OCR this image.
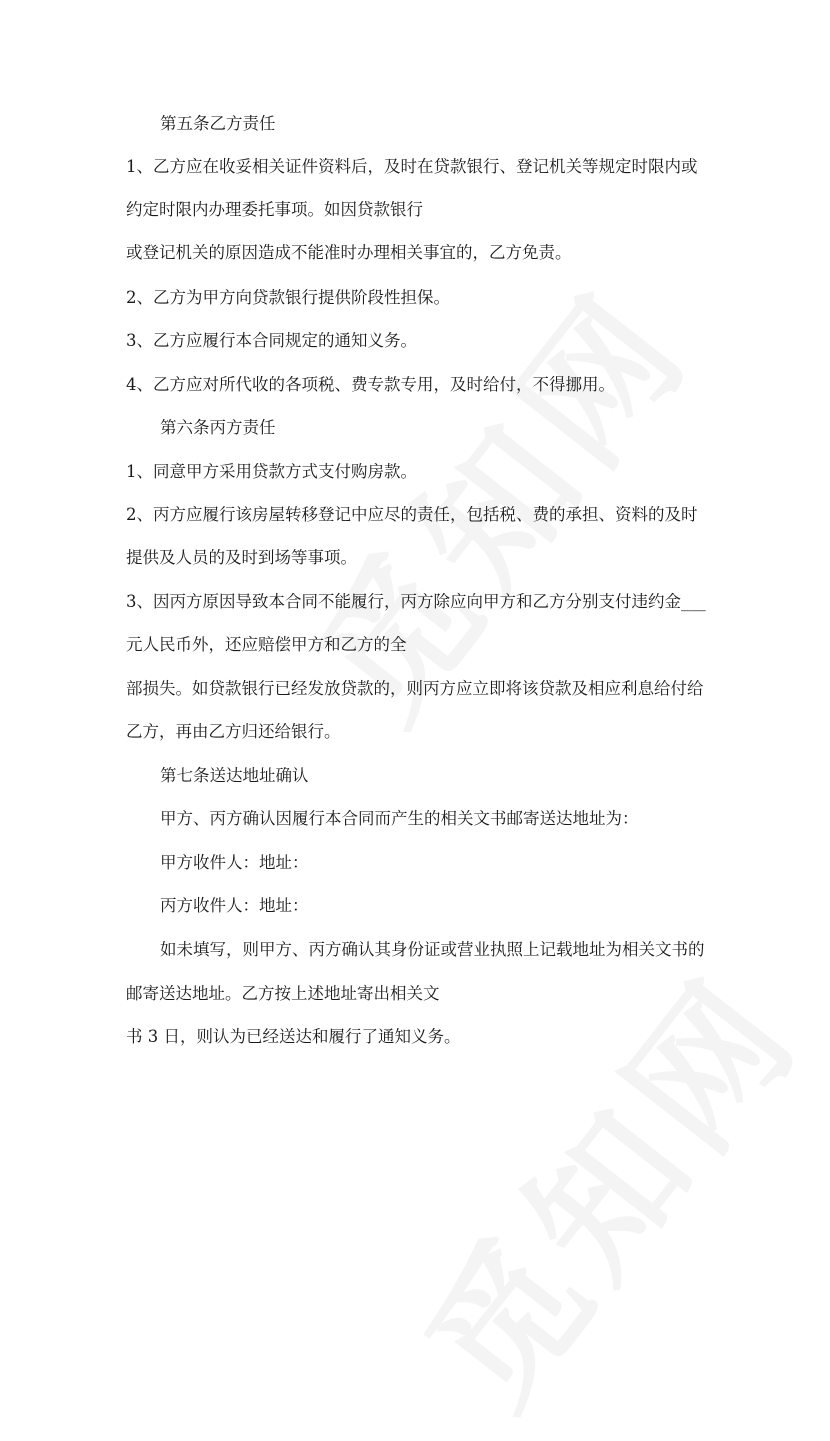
第五条乙方责任
1、乙方应在收妥相关证件资料后，及时在贷款银行、登记机关等规定时限内或
约定时限内办理委托事项。如因贷款银行
或登记机关的原因造成不能准时办理相关事宜的，乙方免责。
2、乙方为甲方向贷款银行提供阶段性担保。
3、乙方应履行本合同规定的通知义务。
4、乙方应对所代收的各项税、费专款专用，及时给付，不得挪用。
第六条丙方责任
1、同意甲方采用贷款方式支付购房款。
2、丙方应履行该房屋转移登记中应尽的责任，包括税、费的承担、资料的及时
提供及人员的及时到场等事项。
3、因丙方原因导致本合同不能履行，丙方除应向甲方和乙方分别支付违约金___
元人民币外，还应赔偿甲方和乙方的全
部损失。如贷款银行已经发放贷款的，则丙方应立即将该贷款及相应利息给付给
乙方，再由乙方归还给银行。
第七条送达地址确认
甲方、丙方确认因履行本合同而产生的相关文书邮寄送达地址为：
甲方收件人：地址：
丙方收件人：地址：
如未填写，则甲方、丙方确认其身份证或营业执照上记载地址为相关文书的
邮寄送达地址。乙方按上述地址寄出相关文
书 3 日，则认为已经送达和履行了通知义务。
